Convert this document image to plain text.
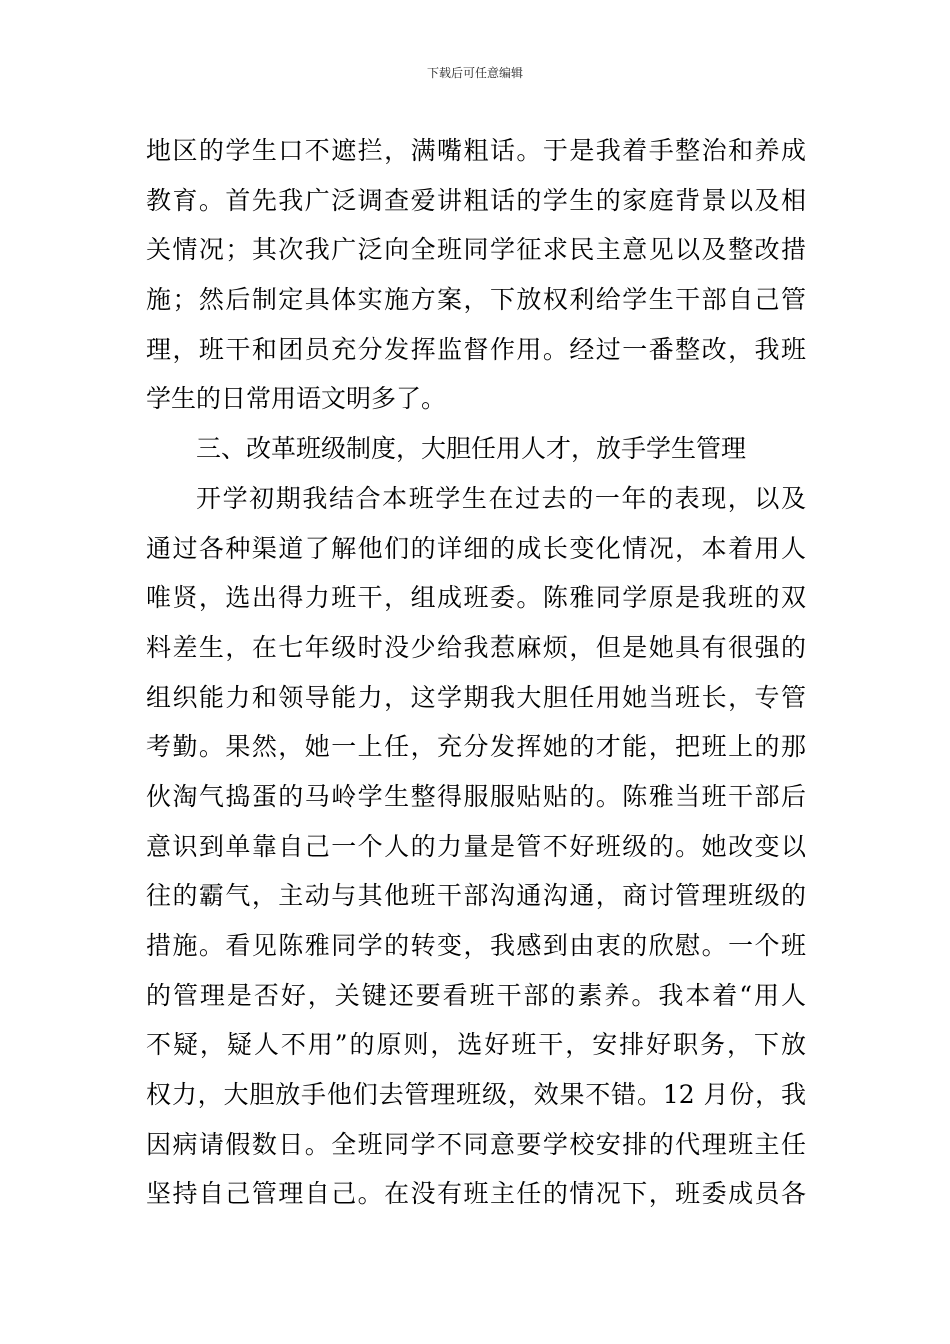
下载后可任意编辑
地区的学生口不遮拦，满嘴粗话。于是我着手整治和养成
教育。首先我广泛调查爱讲粗话的学生的家庭背景以及相
关情况；其次我广泛向全班同学征求民主意见以及整改措
施；然后制定具体实施方案，下放权利给学生干部自己管
理，班干和团员充分发挥监督作用。经过一番整改，我班
学生的日常用语文明多了。
三、改革班级制度，大胆任用人才，放手学生管理
开学初期我结合本班学生在过去的一年的表现，以及
通过各种渠道了解他们的详细的成长变化情况，本着用人
唯贤，选出得力班干，组成班委。陈雅同学原是我班的双
料差生，在七年级时没少给我惹麻烦，但是她具有很强的
组织能力和领导能力，这学期我大胆任用她当班长，专管
考勤。果然，她一上任，充分发挥她的才能，把班上的那
伙淘气捣蛋的马岭学生整得服服贴贴的。陈雅当班干部后
意识到单靠自己一个人的力量是管不好班级的。她改变以
往的霸气，主动与其他班干部沟通沟通，商讨管理班级的
措施。看见陈雅同学的转变，我感到由衷的欣慰。一个班
的管理是否好，关键还要看班干部的素养。我本着“用人
不疑，疑人不用”的原则，选好班干，安排好职务，下放
权力，大胆放手他们去管理班级，效果不错。12 月份，我
因病请假数日。全班同学不同意要学校安排的代理班主任
坚持自己管理自己。在没有班主任的情况下，班委成员各
